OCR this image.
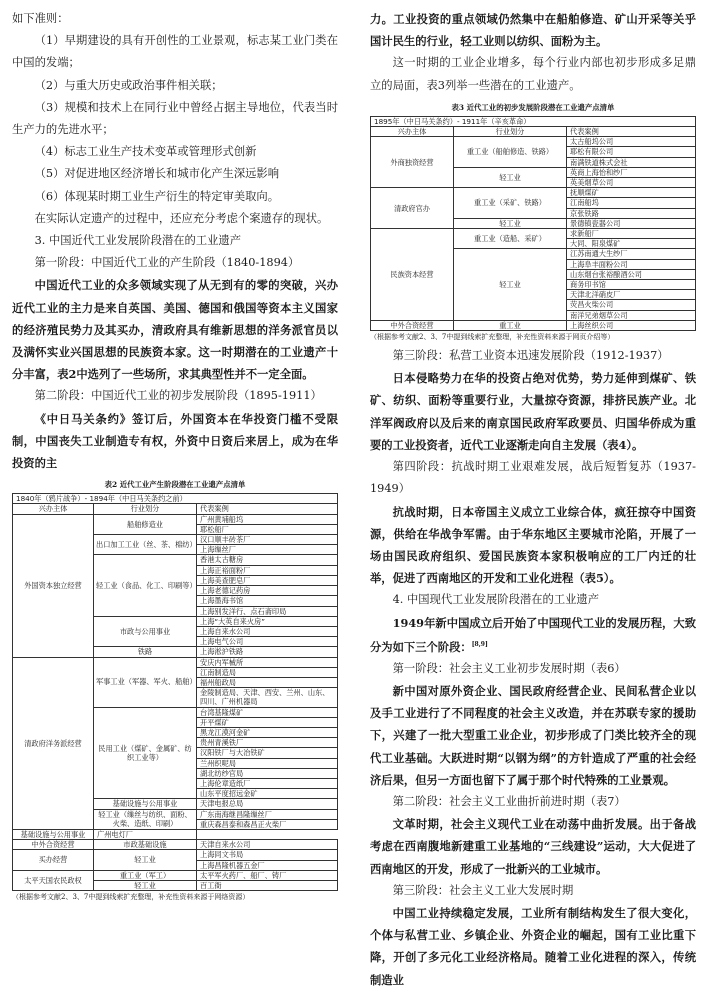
如下准则：

（1）早期建设的具有开创性的工业景观，标志某工业门类在中国的发端；

（2）与重大历史或政治事件相关联；

（3）规模和技术上在同行业中曾经占据主导地位，代表当时生产力的先进水平；

（4）标志工业生产技术变革或管理形式创新

（5）对促进地区经济增长和城市化产生深远影响

（6）体现某时期工业生产衍生的特定审美取向。

在实际认定遗产的过程中，还应充分考虑个案遗存的现状。

3. 中国近代工业发展阶段潜在的工业遗产

第一阶段：中国近代工业的产生阶段（1840-1894）

中国近代工业的众多领域实现了从无到有的零的突破，兴办近代工业的主力是来自英国、美国、德国和俄国等资本主义国家的经济殖民势力及其买办，清政府具有维新思想的洋务派官员以及满怀实业兴国思想的民族资本家。这一时期潜在的工业遗产十分丰富，表2中选列了一些场所，求其典型性并不一定全面。

第二阶段：中国近代工业的初步发展阶段（1895-1911）

《中日马关条约》签订后，外国资本在华投资门槛不受限制，中国丧失工业制造专有权，外资中日资后来居上，成为在华投资的主

表2 近代工业产生阶段潜在工业遗产点清单
1840年（鸦片战争）- 1894年（中日马关条约之前）		
兴办主体	行业划分	代表案例
外国资本独立经营	船舶修造业	广州黄埔船坞
		耶松船厂
	出口加工工业（丝、茶、棉纺）	汉口顺丰砖茶厂
		上海缫丝厂
	轻工业（食品、化工、印刷等）	香港太古糖房
		上海正裕面粉厂
		上海美查肥皂厂
		上海老德记药房
		上海墨海书馆
		上海别发洋行、点石斋印局
	市政与公用事业	上海“大英自来火房”
		上海自来水公司
		上海电气公司
	铁路	上海淞沪铁路
清政府洋务派经营	军事工业（军器、军火、船舶）	安庆内军械所
		江南制造局
		福州船政局
		金陵制造局、天津、西安、兰州、山东、四川、广州机器局

	民用工业（煤矿、金属矿、纺织工业等）	台湾基隆煤矿
		开平煤矿
		黑龙江漠河金矿
		贵州青溪铁厂
		汉阳铁厂与大冶铁矿
		兰州织呢局
		湖北纺纱官局
		上海伦章造纸厂
		山东平度招远金矿
	基础设施与公用事业	天津电报总局
	轻工业（缫丝与纺织、面粉、火柴、造纸、印刷）	广东南海继昌隆缫丝厂
		重庆森昌泰和森昌正火柴厂
基础设施与公用事业	广州电灯厂	
中外合资经营	市政基础设施	天津自来水公司
买办经营	轻工业	上海同文书局
		上海昌隆机器五金厂
太平天国农民政权	重工业（军工）	太平军火药厂、船厂、铸厂
	轻工业	百工衙
（根据参考文献2、3、7中提到线索扩充整理，补充性资料来源于网络资源）

力。工业投资的重点领域仍然集中在船舶修造、矿山开采等关乎国计民生的行业，轻工业则以纺织、面粉为主。

这一时期的工业企业增多，每个行业内部也初步形成多足鼎立的局面，表3列举一些潜在的工业遗产。

表3 近代工业的初步发展阶段潜在工业遗产点清单
1895年（中日马关条约）- 1911年（辛亥革命）		
兴办主体	行业划分	代表案例
外商独资经营	重工业（船舶修造、铁路）	太古船坞公司
		耶松有限公司
		南满铁道株式会社
	轻工业	英商上海怡和纱厂
		英美烟草公司
清政府官办	重工业（采矿、铁路）	抚顺煤矿
		江南船坞
		京张铁路
	轻工业	景德镇瓷器公司
民族资本经营	重工业（造船、采矿）	求新船厂
		大同、阳泉煤矿
	轻工业	江苏南通大生纱厂
		上海阜丰面粉公司
		山东烟台张裕酿酒公司
		商务印书馆
		天津北洋硝皮厂
		荧昌火柴公司
		南洋兄弟烟草公司
中外合资经营	重工业	上海丝织公司
（根据参考文献2、3、7中提到线索扩充整理，补充性资料来源于网页介绍等）

第三阶段：私营工业资本迅速发展阶段（1912-1937）

日本侵略势力在华的投资占绝对优势，势力延伸到煤矿、铁矿、纺织、面粉等重要行业，大量掠夺资源，排挤民族产业。北洋军阀政府以及后来的南京国民政府军政要员、归国华侨成为重要的工业投资者，近代工业逐渐走向自主发展（表4）。

第四阶段：抗战时期工业艰难发展，战后短暂复苏（1937-1949）

抗战时期，日本帝国主义成立工业综合体，疯狂掠夺中国资源，供给在华战争军需。由于华东地区主要城市沦陷，开展了一场由国民政府组织、爱国民族资本家积极响应的工厂内迁的壮举，促进了西南地区的开发和工业化进程（表5）。

4. 中国现代工业发展阶段潜在的工业遗产

1949年新中国成立后开始了中国现代工业的发展历程，大致分为如下三个阶段：[8,9]

第一阶段：社会主义工业初步发展时期（表6）

新中国对原外资企业、国民政府经营企业、民间私营企业以及手工业进行了不同程度的社会主义改造，并在苏联专家的援助下，兴建了一批大型重工业企业，初步形成了门类比较齐全的现代工业基础。大跃进时期“以钢为纲”的方针造成了严重的社会经济后果，但另一方面也留下了属于那个时代特殊的工业景观。

第二阶段：社会主义工业曲折前进时期（表7）

文革时期，社会主义现代工业在动荡中曲折发展。出于备战考虑在西南腹地新建重工业基地的“三线建设”运动，大大促进了西南地区的开发，形成了一批新兴的工业城市。

第三阶段：社会主义工业大发展时期

中国工业持续稳定发展，工业所有制结构发生了很大变化，个体与私营工业、乡镇企业、外资企业的崛起，国有工业比重下降，开创了多元化工业经济格局。随着工业化进程的深入，传统制造业
